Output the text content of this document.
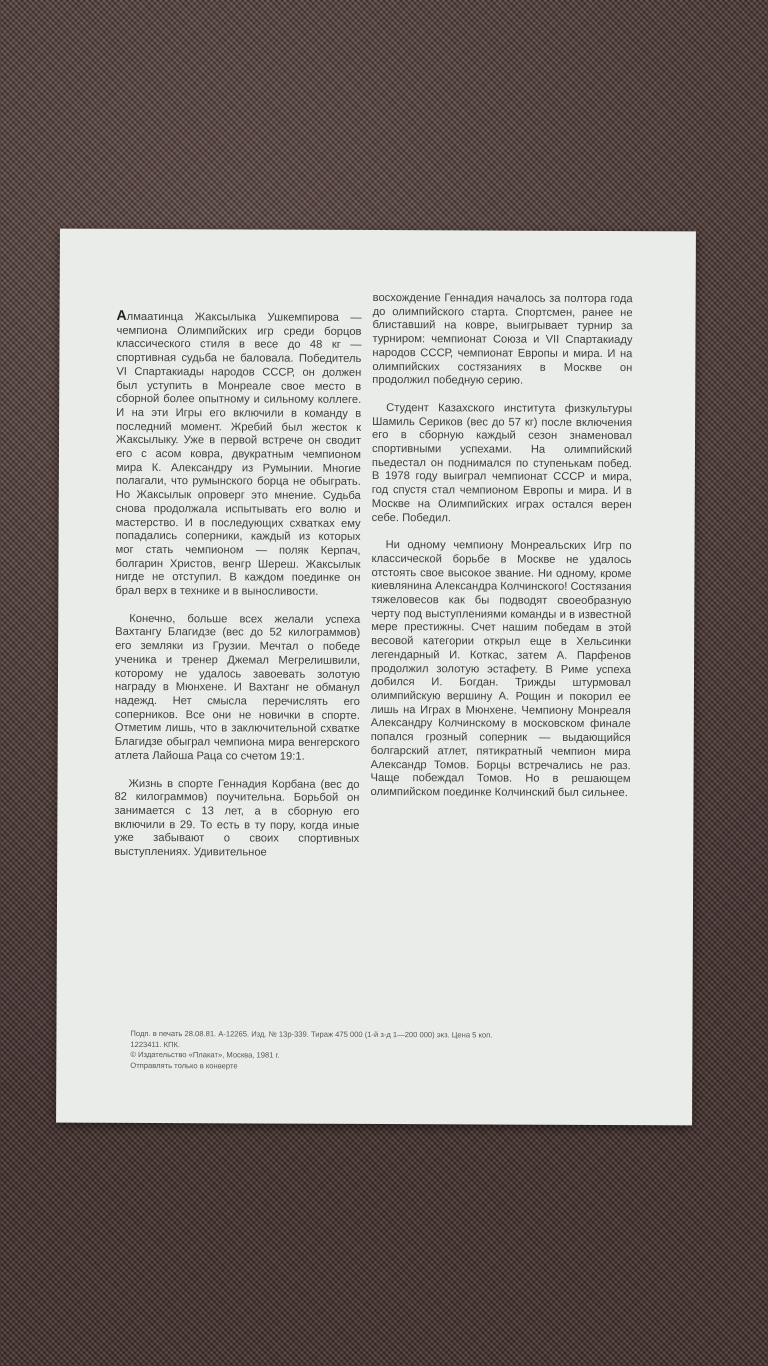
Алмаатинца Жаксылыка Ушкемпирова — чемпиона Олимпийских игр среди борцов классического стиля в весе до 48 кг — спортивная судьба не баловала. Победитель VI Спартакиады народов СССР, он должен был уступить в Монреале свое место в сборной более опытному и сильному коллеге. И на эти Игры его включили в команду в последний момент. Жребий был жесток к Жаксылыку. Уже в первой встрече он сводит его с асом ковра, двукратным чемпионом мира К. Александру из Румынии. Многие полагали, что румынского борца не обыграть. Но Жаксылык опроверг это мнение. Судьба снова продолжала испытывать его волю и мастерство. И в последующих схватках ему попадались соперники, каждый из которых мог стать чемпионом — поляк Керпач, болгарин Христов, венгр Шереш. Жаксылык нигде не отступил. В каждом поединке он брал верх в технике и в выносливости.

Конечно, больше всех желали успеха Вахтангу Благидзе (вес до 52 килограммов) его земляки из Грузии. Мечтал о победе ученика и тренер Джемал Мегрелишвили, которому не удалось завоевать золотую награду в Мюнхене. И Вахтанг не обманул надежд. Нет смысла перечислять его соперников. Все они не новички в спорте. Отметим лишь, что в заключительной схватке Благидзе обыграл чемпиона мира венгерского атлета Лайоша Раца со счетом 19:1.

Жизнь в спорте Геннадия Корбана (вес до 82 килограммов) поучительна. Борьбой он занимается с 13 лет, а в сборную его включили в 29. То есть в ту пору, когда иные уже забывают о своих спортивных выступлениях. Удивительное

восхождение Геннадия началось за полтора года до олимпийского старта. Спортсмен, ранее не блиставший на ковре, выигрывает турнир за турниром: чемпионат Союза и VII Спартакиаду народов СССР, чемпионат Европы и мира. И на олимпийских состязаниях в Москве он продолжил победную серию.

Студент Казахского института физкультуры Шамиль Сериков (вес до 57 кг) после включения его в сборную каждый сезон знаменовал спортивными успехами. На олимпийский пьедестал он поднимался по ступенькам побед. В 1978 году выиграл чемпионат СССР и мира, год спустя стал чемпионом Европы и мира. И в Москве на Олимпийских играх остался верен себе. Победил.

Ни одному чемпиону Монреальских Игр по классической борьбе в Москве не удалось отстоять свое высокое звание. Ни одному, кроме киевлянина Александра Колчинского! Состязания тяжеловесов как бы подводят своеобразную черту под выступлениями команды и в известной мере престижны. Счет нашим победам в этой весовой категории открыл еще в Хельсинки легендарный И. Коткас, затем А. Парфенов продолжил золотую эстафету. В Риме успеха добился И. Богдан. Трижды штурмовал олимпийскую вершину А. Рощин и покорил ее лишь на Играх в Мюнхене. Чемпиону Монреаля Александру Колчинскому в московском финале попался грозный соперник — выдающийся болгарский атлет, пятикратный чемпион мира Александр Томов. Борцы встречались не раз. Чаще побеждал Томов. Но в решающем олимпийском поединке Колчинский был сильнее.

Подп. в печать 28.08.81. А-12265. Изд. № 13р-339. Тираж 475 000 (1-й з-д 1—200 000) экз. Цена 5 коп.
1223411. КПК.
© Издательство «Плакат», Москва, 1981 г.
Отправлять только в конверте
